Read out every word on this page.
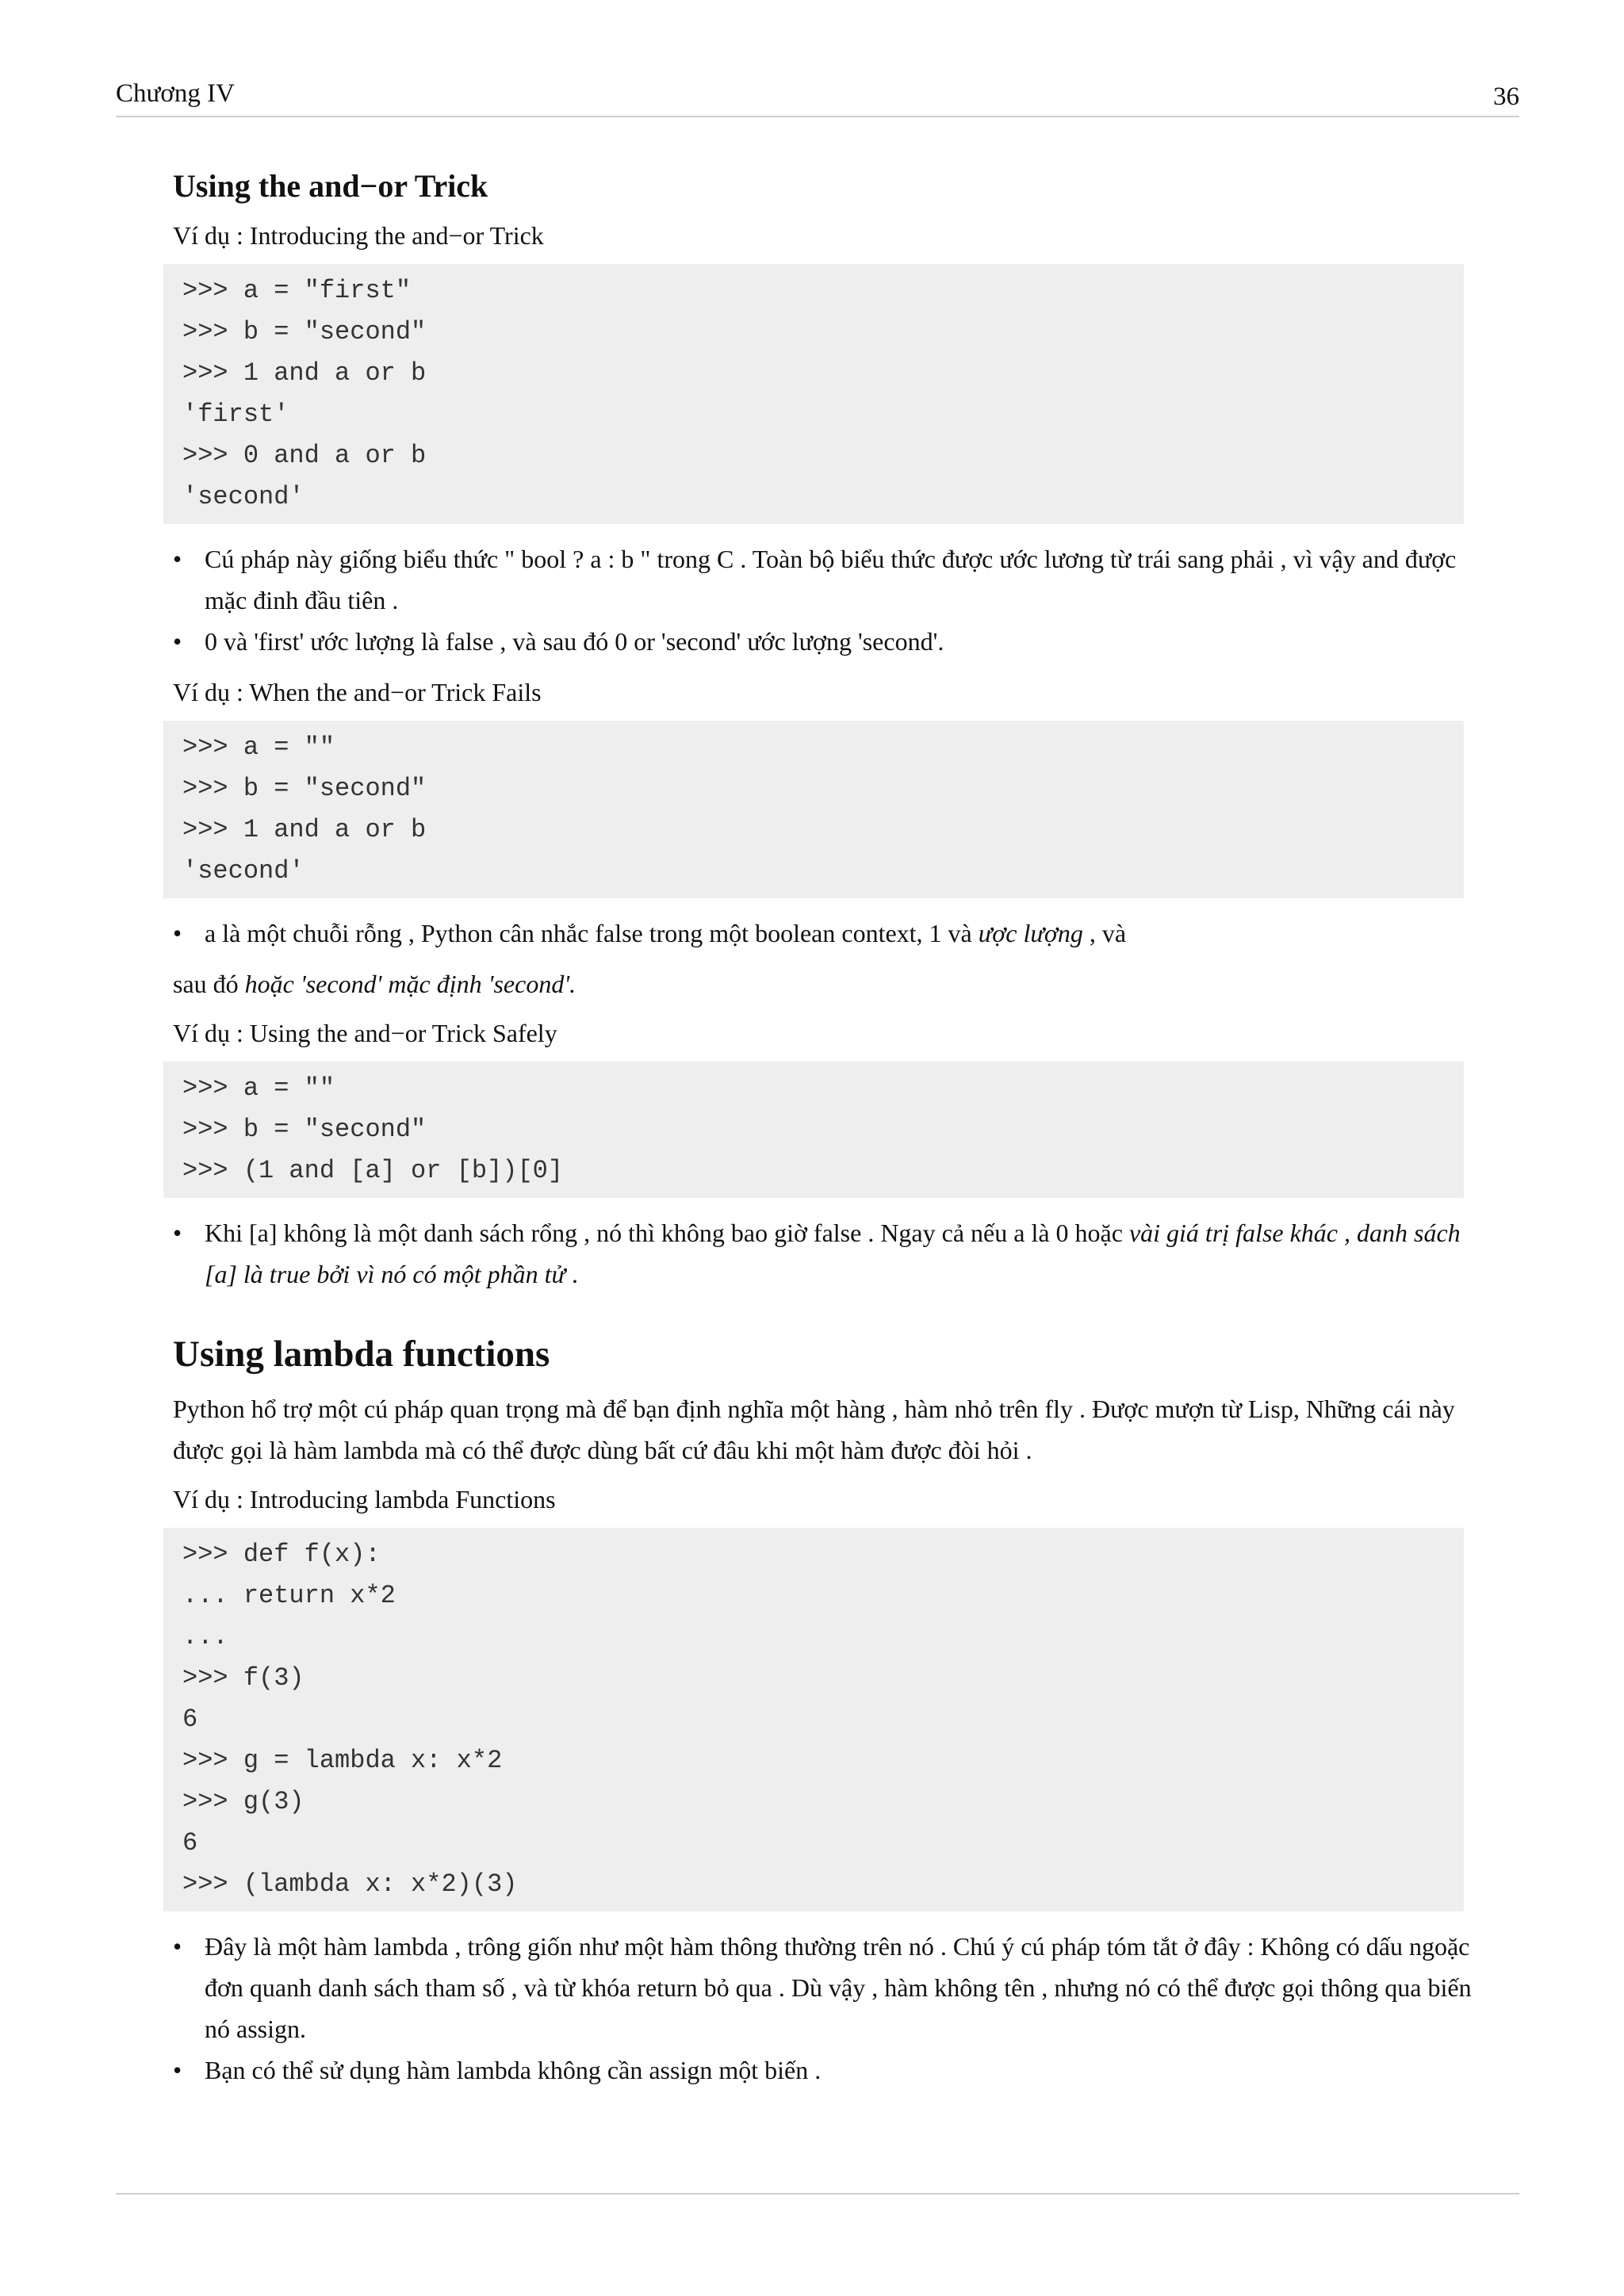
Chương IV	36
Using the and−or Trick

Ví dụ : Introducing the and−or Trick

>>> a = "first"
>>> b = "second"
>>> 1 and a or b
'first'
>>> 0 and a or b
'second'
• Cú pháp này giống biểu thức " bool ? a : b " trong C . Toàn bộ biểu thức được ước lương từ trái sang phải , vì vậy and được mặc đinh đầu tiên .
• 0 và 'first' ước lượng là false , và sau đó 0 or 'second' ước lượng 'second'.

Ví dụ : When the and−or Trick Fails

>>> a = ""
>>> b = "second"
>>> 1 and a or b
'second'
• a là một chuỗi rỗng , Python cân nhắc false trong một boolean context, 1 và ược lượng , và

sau đó hoặc 'second' mặc định 'second'.

Ví dụ : Using the and−or Trick Safely

>>> a = ""
>>> b = "second"
>>> (1 and [a] or [b])[0]
• Khi [a] không là một danh sách rổng , nó thì không bao giờ false . Ngay cả nếu a là 0 hoặc vài giá trị false khác , danh sách [a] là true bởi vì nó có một phần tử .
Using lambda functions

Python hổ trợ một cú pháp quan trọng mà để bạn định nghĩa một hàng , hàm nhỏ trên fly . Được mượn từ Lisp, Những cái này được gọi là hàm lambda mà có thể được dùng bất cứ đâu khi một hàm được đòi hỏi .

Ví dụ : Introducing lambda Functions

>>> def f(x):
... return x*2
...
>>> f(3)
6
>>> g = lambda x: x*2
>>> g(3)
6
>>> (lambda x: x*2)(3)
• Đây là một hàm lambda , trông giốn như một hàm thông thường trên nó . Chú ý cú pháp tóm tắt ở đây : Không có dấu ngoặc đơn quanh danh sách tham số , và từ khóa return bỏ qua . Dù vậy , hàm không tên , nhưng nó có thể được gọi thông qua biến nó assign.
• Bạn có thể sử dụng hàm lambda không cần assign một biến .
